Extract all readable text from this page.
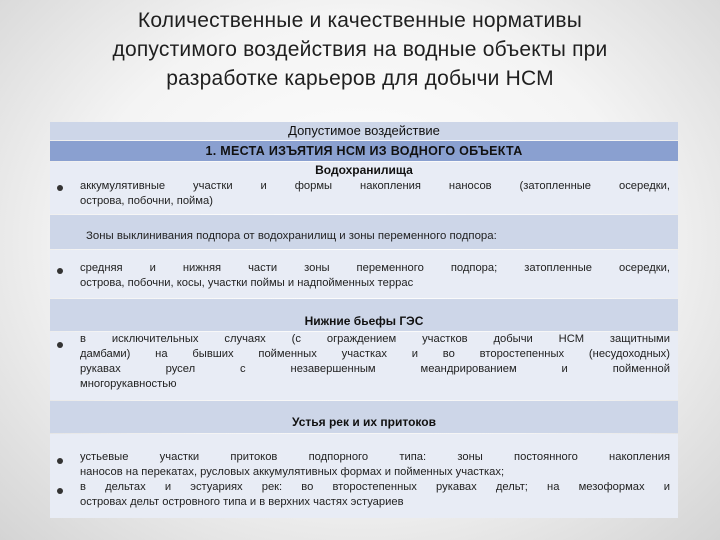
Количественные и качественные нормативы
допустимого воздействия на водные объекты при
разработке карьеров для добычи НСМ
Допустимое воздействие
1. МЕСТА ИЗЪЯТИЯ НСМ ИЗ ВОДНОГО ОБЪЕКТА
Водохранилища
аккумулятивные участки и формы накопления наносов (затопленные осередки,
острова, побочни, пойма)
Зоны выклинивания подпора от водохранилищ и зоны переменного подпора:
средняя и нижняя части зоны переменного подпора; затопленные осередки,
острова, побочни, косы, участки поймы и надпойменных террас
Нижние бьефы ГЭС
в исключительных случаях (с ограждением участков добычи НСМ защитными
дамбами) на бывших пойменных участках и во второстепенных (несудоходных)
рукавах русел с незавершенным меандрированием и пойменной
многорукавностью
Устья рек и их притоков
устьевые участки притоков подпорного типа: зоны постоянного накопления
наносов на перекатах, русловых аккумулятивных формах и пойменных участках;
в дельтах и эстуариях рек: во второстепенных рукавах дельт; на мезоформах и
островах дельт островного типа и в верхних частях эстуариев
